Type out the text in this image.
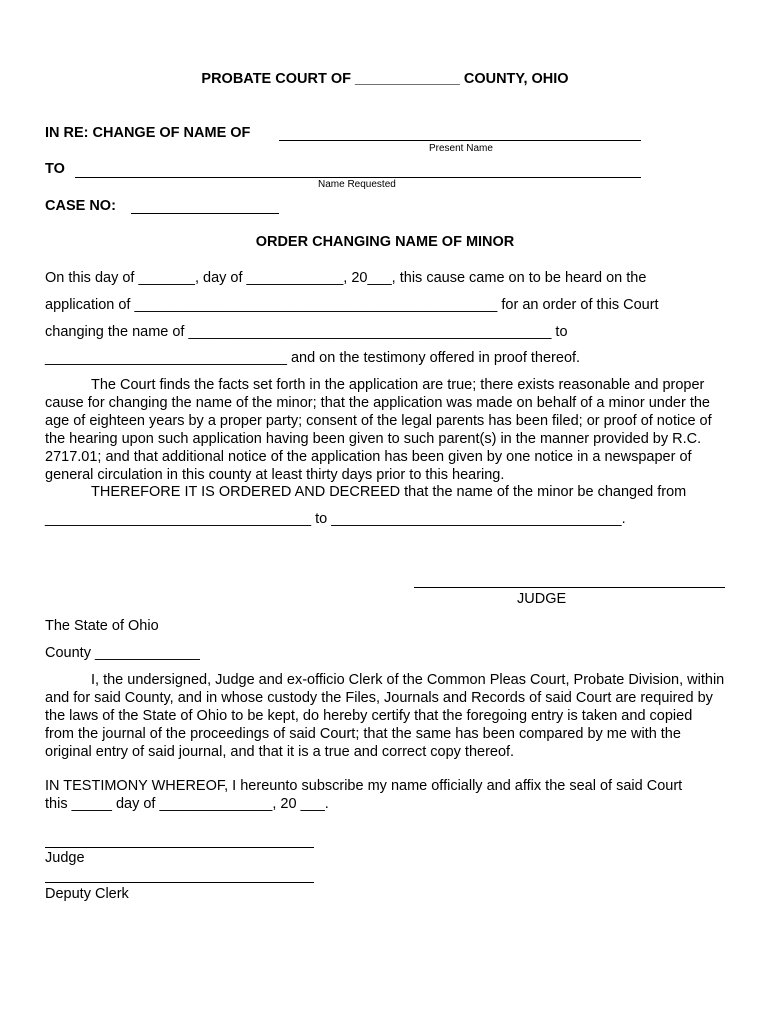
PROBATE COURT OF _____________ COUNTY, OHIO
IN RE: CHANGE OF NAME OF
Present Name
TO
Name Requested
CASE NO:
ORDER CHANGING NAME OF MINOR
On this day of _______, day of ____________, 20___, this cause came on to be heard on the
application of _____________________________________________ for an order of this Court
changing the name of _____________________________________________ to
______________________________ and on the testimony offered in proof thereof.
The Court finds the facts set forth in the application are true; there exists reasonable and proper cause for changing the name of the minor; that the application was made on behalf of a minor under the age of eighteen years by a proper party; consent of the legal parents has been filed; or proof of notice of the hearing upon such application having been given to such parent(s) in the manner provided by R.C. 2717.01; and that additional notice of the application has been given by one notice in a newspaper of general circulation in this county at least thirty days prior to this hearing.
THEREFORE IT IS ORDERED AND DECREED that the name of the minor be changed from
_________________________________ to ____________________________________.
JUDGE
The State of Ohio
County _____________
I, the undersigned, Judge and ex-officio Clerk of the Common Pleas Court, Probate Division, within and for said County, and in whose custody the Files, Journals and Records of said Court are required by the laws of the State of Ohio to be kept, do hereby certify that the foregoing entry is taken and copied from the journal of the proceedings of said Court; that the same has been compared by me with the original entry of said journal, and that it is a true and correct copy thereof.
IN TESTIMONY WHEREOF, I hereunto subscribe my name officially and affix the seal of said Court
this _____ day of ______________, 20 ___.
Judge
Deputy Clerk
